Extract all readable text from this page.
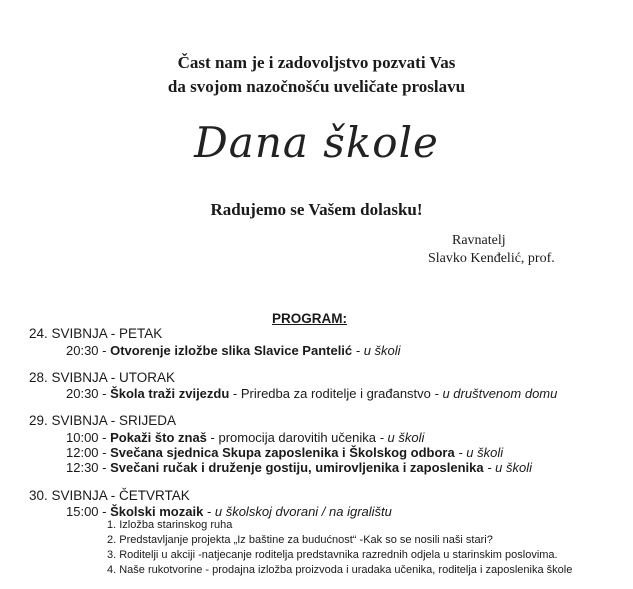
Čast nam je i zadovoljstvo pozvati Vas
da svojom nazočnošću uveličate proslavu
Dana škole
Radujemo se Vašem dolasku!
Ravnatelj
Slavko Kenđelić, prof.
PROGRAM:
24. SVIBNJA - PETAK
20:30 - Otvorenje izložbe slika Slavice Pantelić - u školi
28. SVIBNJA - UTORAK
20:30 - Škola traži zvijezdu - Priredba za roditelje i građanstvo - u društvenom domu
29. SVIBNJA - SRIJEDA
10:00 - Pokaži što znaš - promocija darovitih učenika - u školi
12:00 - Svečana sjednica Skupa zaposlenika i Školskog odbora - u školi
12:30 - Svečani ručak i druženje gostiju, umirovljenika i zaposlenika - u školi
30. SVIBNJA - ČETVRTAK
15:00 - Školski mozaik - u školskoj dvorani / na igralištu
1. Izložba starinskog ruha
2. Predstavljanje projekta „Iz baštine za budućnost“ -Kak so se nosili naši stari?
3. Roditelji u akciji -natjecanje roditelja predstavnika razrednih odjela u starinskim poslovima.
4. Naše rukotvorine - prodajna izložba proizvoda i uradaka učenika, roditelja i zaposlenika škole
